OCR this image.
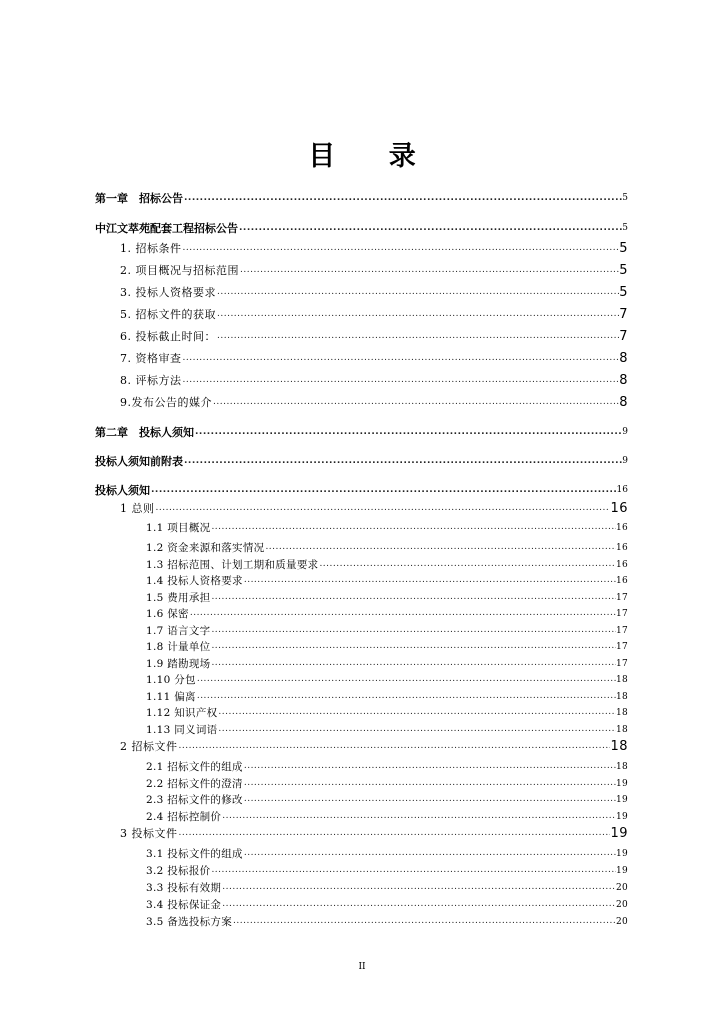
目 录
第一章　招标公告 .....	5
中江文萃苑配套工程招标公告 .....	5
1. 招标条件 .....	5
2. 项目概况与招标范围 .....	5
3. 投标人资格要求 .....	5
5. 招标文件的获取 .....	7
6. 投标截止时间： .....	7
7. 资格审查 .....	8
8. 评标方法 .....	8
9.发布公告的媒介 .....	8
第二章　投标人须知 .....	9
投标人须知前附表 .....	9
投标人须知 .....	16
1 总则 .....	16
1.1 项目概况 .....	16
1.2 资金来源和落实情况 .....	16
1.3 招标范围、计划工期和质量要求 .....	16
1.4 投标人资格要求 .....	16
1.5 费用承担 .....	17
1.6 保密 .....	17
1.7 语言文字 .....	17
1.8 计量单位 .....	17
1.9 踏勘现场 .....	17
1.10 分包 .....	18
1.11 偏离 .....	18
1.12 知识产权 .....	18
1.13 同义词语 .....	18
2 招标文件 .....	18
2.1 招标文件的组成 .....	18
2.2 招标文件的澄清 .....	19
2.3 招标文件的修改 .....	19
2.4 招标控制价 .....	19
3 投标文件 .....	19
3.1 投标文件的组成 .....	19
3.2 投标报价 .....	19
3.3 投标有效期 .....	20
3.4 投标保证金 .....	20
3.5 备选投标方案 .....	20
II
